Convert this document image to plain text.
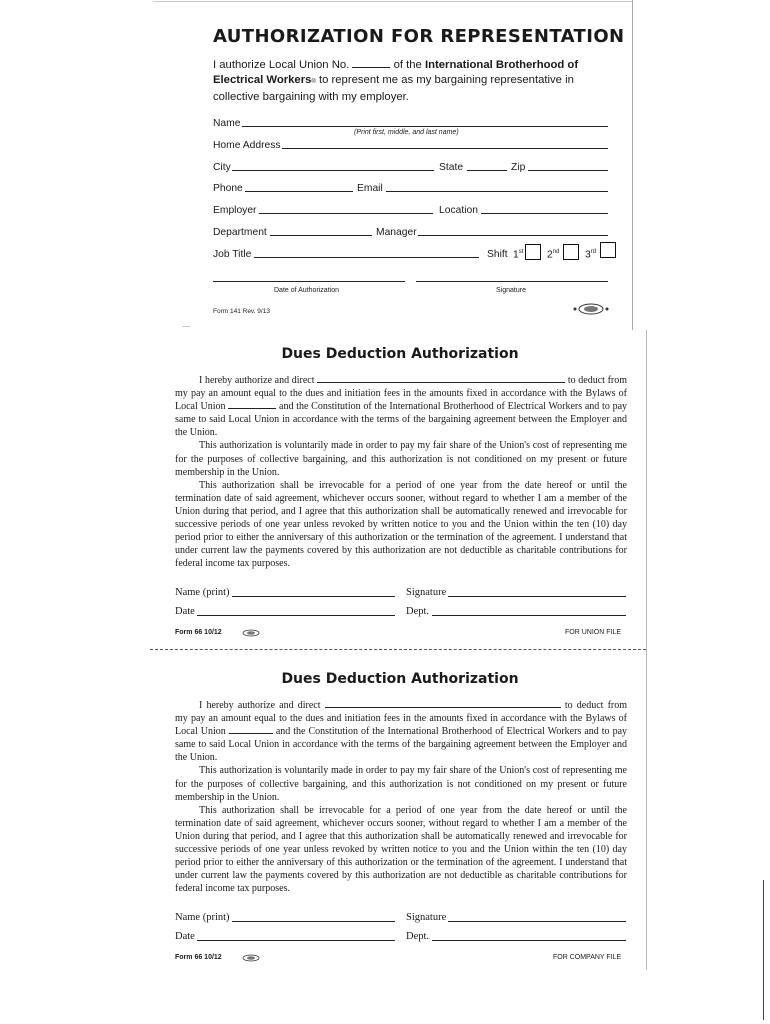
AUTHORIZATION FOR REPRESENTATION
I authorize Local Union No.	of the International Brotherhood of Electrical Workers® to represent me as my bargaining representative in collective bargaining with my employer.
Name
(Print first, middle, and last name)
Home Address
City	State	Zip
Phone	Email
Employer	Location
Department	Manager
Job Title	Shift 1st 2nd 3rd
Date of Authorization	Signature
Form 141 Rev. 9/13
Dues Deduction Authorization

I hereby authorize and direct	to deduct from my pay an amount equal to the dues and initiation fees in the amounts fixed in accordance with the Bylaws of Local Union	and the Constitution of the International Brotherhood of Electrical Workers and to pay same to said Local Union in accordance with the terms of the bargaining agreement between the Employer and the Union.

This authorization is voluntarily made in order to pay my fair share of the Union's cost of representing me for the purposes of collective bargaining, and this authorization is not conditioned on my present or future membership in the Union.

This authorization shall be irrevocable for a period of one year from the date hereof or until the termination date of said agreement, whichever occurs sooner, without regard to whether I am a member of the Union during that period, and I agree that this authorization shall be automatically renewed and irrevocable for successive periods of one year unless revoked by written notice to you and the Union within the ten (10) day period prior to either the anniversary of this authorization or the termination of the agreement. I understand that under current law the payments covered by this authorization are not deductible as charitable contributions for federal income tax purposes.

Name (print)	Signature
Date	Dept.
Form 66 10/12	FOR UNION FILE
Dues Deduction Authorization

I hereby authorize and direct	to deduct from my pay an amount equal to the dues and initiation fees in the amounts fixed in accordance with the Bylaws of Local Union	and the Constitution of the International Brotherhood of Electrical Workers and to pay same to said Local Union in accordance with the terms of the bargaining agreement between the Employer and the Union.

This authorization is voluntarily made in order to pay my fair share of the Union's cost of representing me for the purposes of collective bargaining, and this authorization is not conditioned on my present or future membership in the Union.

This authorization shall be irrevocable for a period of one year from the date hereof or until the termination date of said agreement, whichever occurs sooner, without regard to whether I am a member of the Union during that period, and I agree that this authorization shall be automatically renewed and irrevocable for successive periods of one year unless revoked by written notice to you and the Union within the ten (10) day period prior to either the anniversary of this authorization or the termination of the agreement. I understand that under current law the payments covered by this authorization are not deductible as charitable contributions for federal income tax purposes.

Name (print)	Signature
Date	Dept.
Form 66 10/12	FOR COMPANY FILE
